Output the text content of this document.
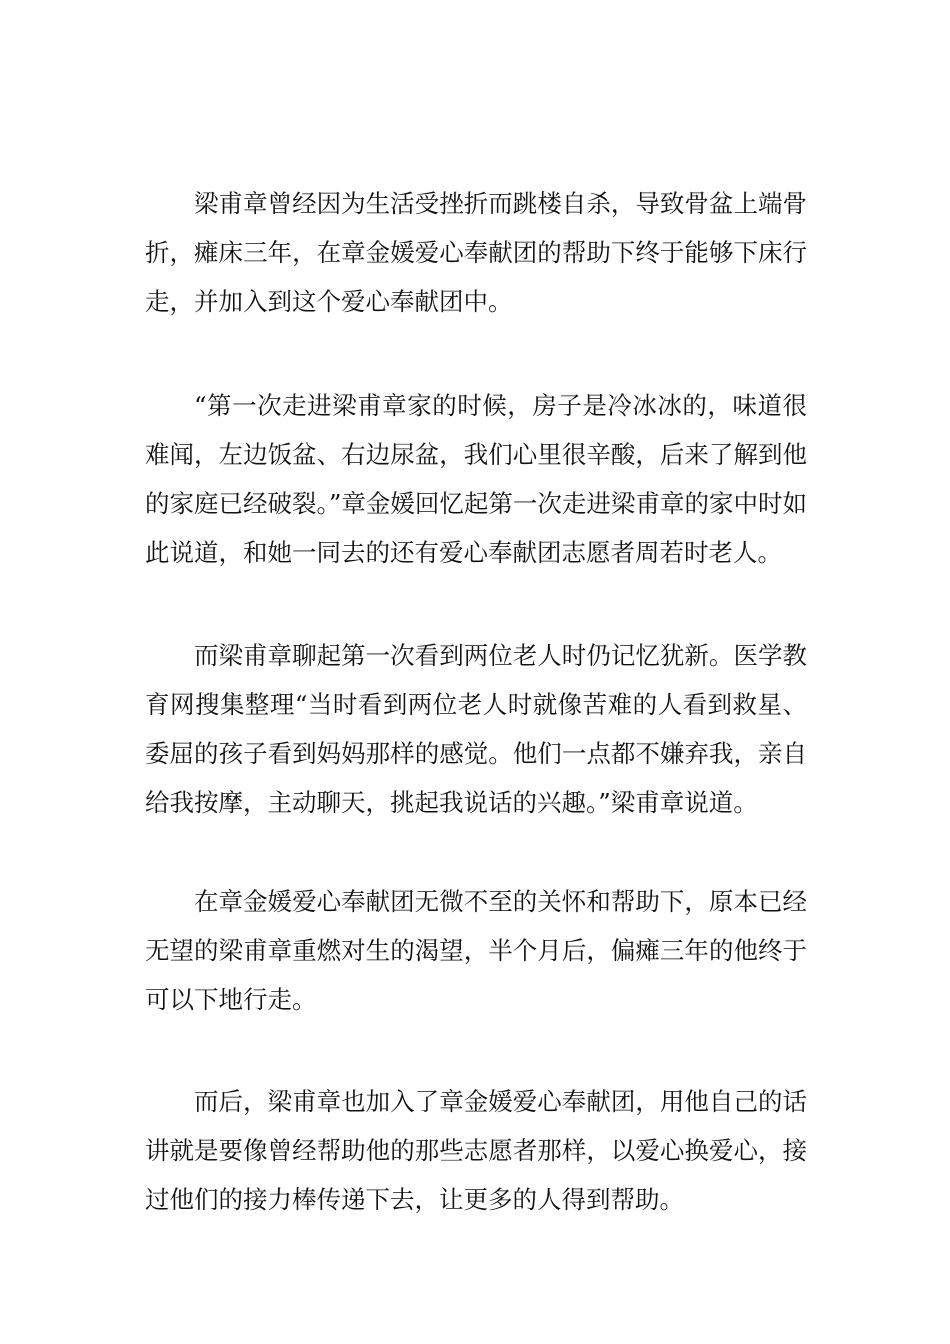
梁甫章曾经因为生活受挫折而跳楼自杀，导致骨盆上端骨折，瘫床三年，在章金媛爱心奉献团的帮助下终于能够下床行走，并加入到这个爱心奉献团中。

“第一次走进梁甫章家的时候，房子是冷冰冰的，味道很难闻，左边饭盆、右边尿盆，我们心里很辛酸，后来了解到他的家庭已经破裂。”章金媛回忆起第一次走进梁甫章的家中时如此说道，和她一同去的还有爱心奉献团志愿者周若时老人。

而梁甫章聊起第一次看到两位老人时仍记忆犹新。医学教育网搜集整理“当时看到两位老人时就像苦难的人看到救星、委屈的孩子看到妈妈那样的感觉。他们一点都不嫌弃我，亲自给我按摩，主动聊天，挑起我说话的兴趣。”梁甫章说道。

在章金媛爱心奉献团无微不至的关怀和帮助下，原本已经无望的梁甫章重燃对生的渴望，半个月后，偏瘫三年的他终于可以下地行走。

而后，梁甫章也加入了章金媛爱心奉献团，用他自己的话讲就是要像曾经帮助他的那些志愿者那样，以爱心换爱心，接过他们的接力棒传递下去，让更多的人得到帮助。
